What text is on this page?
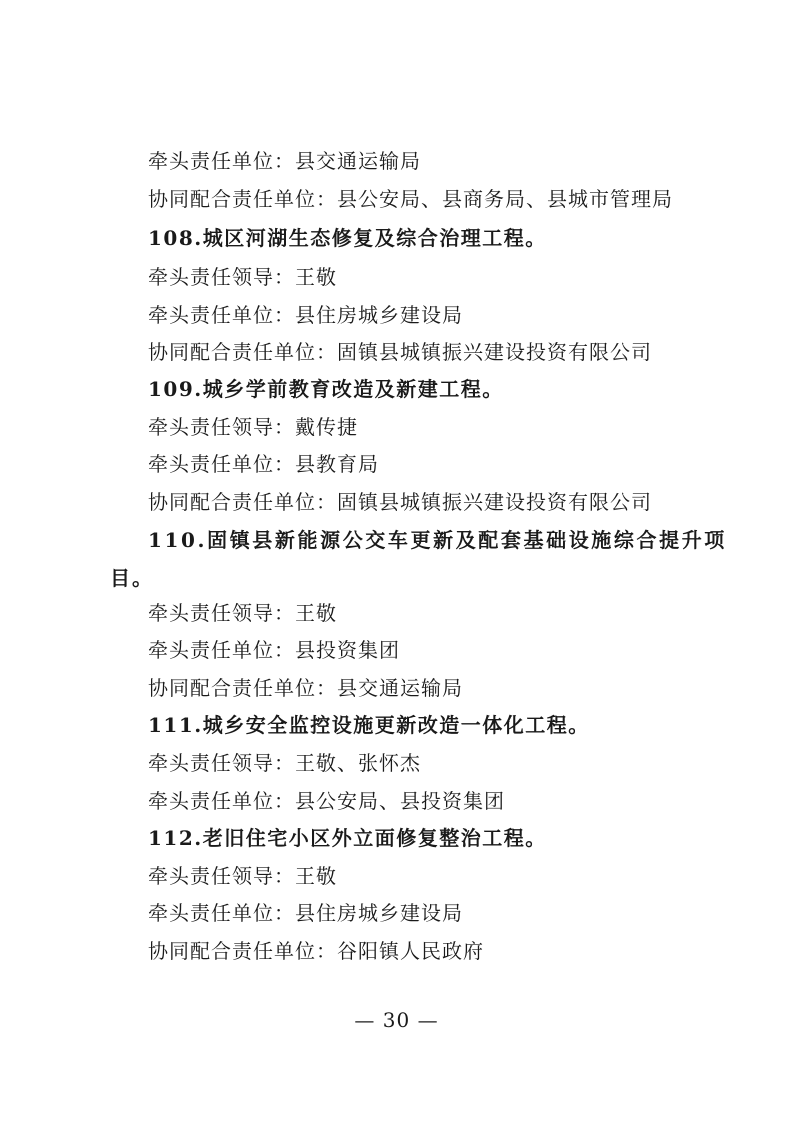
牵头责任单位：县交通运输局
协同配合责任单位：县公安局、县商务局、县城市管理局
108.城区河湖生态修复及综合治理工程。
牵头责任领导：王敬
牵头责任单位：县住房城乡建设局
协同配合责任单位：固镇县城镇振兴建设投资有限公司
109.城乡学前教育改造及新建工程。
牵头责任领导：戴传捷
牵头责任单位：县教育局
协同配合责任单位：固镇县城镇振兴建设投资有限公司
110.固镇县新能源公交车更新及配套基础设施综合提升项
目。
牵头责任领导：王敬
牵头责任单位：县投资集团
协同配合责任单位：县交通运输局
111.城乡安全监控设施更新改造一体化工程。
牵头责任领导：王敬、张怀杰
牵头责任单位：县公安局、县投资集团
112.老旧住宅小区外立面修复整治工程。
牵头责任领导：王敬
牵头责任单位：县住房城乡建设局
协同配合责任单位：谷阳镇人民政府
— 30 —
